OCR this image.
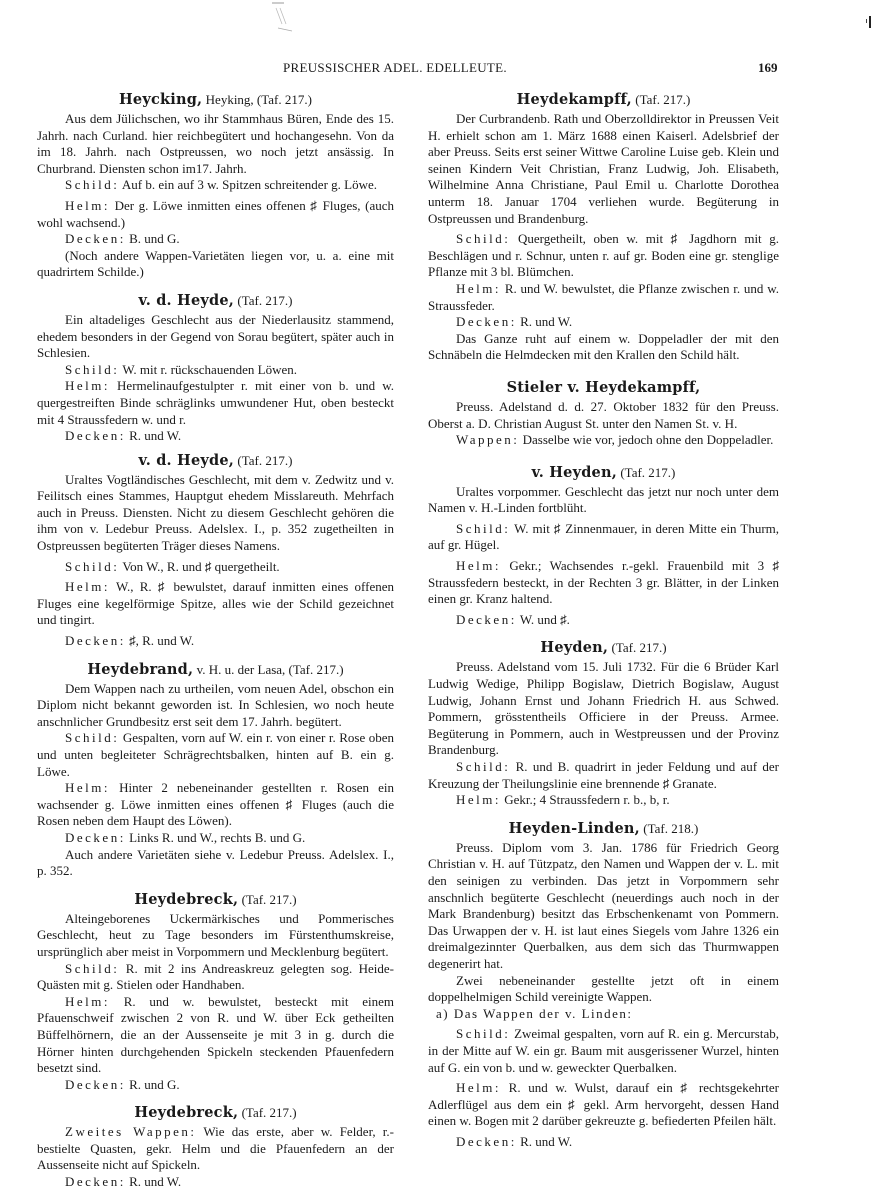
PREUSSISCHER ADEL. EDELLEUTE.	169
Heycking, Heyking, (Taf. 217.)

Aus dem Jülichschen, wo ihr Stammhaus Büren, Ende des 15. Jahrh. nach Curland. hier reichbegütert und hochangesehn. Von da im 18. Jahrh. nach Ostpreussen, wo noch jetzt ansässig. In Churbrand. Diensten schon im17. Jahrh.

Schild: Auf b. ein auf 3 w. Spitzen schreitender g. Löwe.

Helm: Der g. Löwe inmitten eines offenen ♯ Fluges, (auch wohl wachsend.)

Decken: B. und G.

(Noch andere Wappen-Varietäten liegen vor, u. a. eine mit quadrirtem Schilde.)

v. d. Heyde, (Taf. 217.)

Ein altadeliges Geschlecht aus der Niederlausitz stammend, ehedem besonders in der Gegend von Sorau begütert, später auch in Schlesien.

Schild: W. mit r. rückschauenden Löwen.

Helm: Hermelinaufgestulpter r. mit einer von b. und w. quergestreiften Binde schräglinks umwundener Hut, oben besteckt mit 4 Straussfedern w. und r.

Decken: R. und W.

v. d. Heyde, (Taf. 217.)

Uraltes Vogtländisches Geschlecht, mit dem v. Zedwitz und v. Feilitsch eines Stammes, Hauptgut ehedem Misslareuth. Mehrfach auch in Preuss. Diensten. Nicht zu diesem Geschlecht gehören die ihm von v. Ledebur Preuss. Adelslex. I., p. 352 zugetheilten in Ostpreussen begüterten Träger dieses Namens.

Schild: Von W., R. und ♯ quergetheilt.

Helm: W., R. ♯ bewulstet, darauf inmitten eines offenen Fluges eine kegelförmige Spitze, alles wie der Schild gezeichnet und tingirt.

Decken: ♯, R. und W.

Heydebrand, v. H. u. der Lasa, (Taf. 217.)

Dem Wappen nach zu urtheilen, vom neuen Adel, obschon ein Diplom nicht bekannt geworden ist. In Schlesien, wo noch heute anschnlicher Grundbesitz erst seit dem 17. Jahrh. begütert.

Schild: Gespalten, vorn auf W. ein r. von einer r. Rose oben und unten begleiteter Schrägrechtsbalken, hinten auf B. ein g. Löwe.

Helm: Hinter 2 nebeneinander gestellten r. Rosen ein wachsender g. Löwe inmitten eines offenen ♯ Fluges (auch die Rosen neben dem Haupt des Löwen).

Decken: Links R. und W., rechts B. und G.

Auch andere Varietäten siehe v. Ledebur Preuss. Adelslex. I., p. 352.

Heydebreck, (Taf. 217.)

Alteingeborenes Uckermärkisches und Pommerisches Geschlecht, heut zu Tage besonders im Fürstenthumskreise, ursprünglich aber meist in Vorpommern und Mecklenburg begütert.

Schild: R. mit 2 ins Andreaskreuz gelegten sog. Heide-Quästen mit g. Stielen oder Handhaben.

Helm: R. und w. bewulstet, besteckt mit einem Pfauenschweif zwischen 2 von R. und W. über Eck getheilten Büffelhörnern, die an der Aussenseite je mit 3 in g. durch die Hörner hinten durchgehenden Spickeln steckenden Pfauenfedern besetzt sind.

Decken: R. und G.

Heydebreck, (Taf. 217.)

Zweites Wappen: Wie das erste, aber w. Felder, r.-bestielte Quasten, gekr. Helm und die Pfauenfedern an der Aussenseite nicht auf Spickeln.

Decken: R. und W.

Heydekampff, (Taf. 217.)

Der Curbrandenb. Rath und Oberzolldirektor in Preussen Veit H. erhielt schon am 1. März 1688 einen Kaiserl. Adelsbrief der aber Preuss. Seits erst seiner Wittwe Caroline Luise geb. Klein und seinen Kindern Veit Christian, Franz Ludwig, Joh. Elisabeth, Wilhelmine Anna Christiane, Paul Emil u. Charlotte Dorothea unterm 18. Januar 1704 verliehen wurde. Begüterung in Ostpreussen und Brandenburg.

Schild: Quergetheilt, oben w. mit ♯ Jagdhorn mit g. Beschlägen und r. Schnur, unten r. auf gr. Boden eine gr. stenglige Pflanze mit 3 bl. Blümchen.

Helm: R. und W. bewulstet, die Pflanze zwischen r. und w. Straussfeder.

Decken: R. und W.

Das Ganze ruht auf einem w. Doppeladler der mit den Schnäbeln die Helmdecken mit den Krallen den Schild hält.

Stieler v. Heydekampff,

Preuss. Adelstand d. d. 27. Oktober 1832 für den Preuss. Oberst a. D. Christian August St. unter den Namen St. v. H.

Wappen: Dasselbe wie vor, jedoch ohne den Doppeladler.

v. Heyden, (Taf. 217.)

Uraltes vorpommer. Geschlecht das jetzt nur noch unter dem Namen v. H.-Linden fortblüht.

Schild: W. mit ♯ Zinnenmauer, in deren Mitte ein Thurm, auf gr. Hügel.

Helm: Gekr.; Wachsendes r.-gekl. Frauenbild mit 3 ♯ Straussfedern besteckt, in der Rechten 3 gr. Blätter, in der Linken einen gr. Kranz haltend.

Decken: W. und ♯.

Heyden, (Taf. 217.)

Preuss. Adelstand vom 15. Juli 1732. Für die 6 Brüder Karl Ludwig Wedige, Philipp Bogislaw, Dietrich Bogislaw, August Ludwig, Johann Ernst und Johann Friedrich H. aus Schwed. Pommern, grösstentheils Officiere in der Preuss. Armee. Begüterung in Pommern, auch in Westpreussen und der Provinz Brandenburg.

Schild: R. und B. quadrirt in jeder Feldung und auf der Kreuzung der Theilungslinie eine brennende ♯ Granate.

Helm: Gekr.; 4 Straussfedern r. b., b, r.

Heyden-Linden, (Taf. 218.)

Preuss. Diplom vom 3. Jan. 1786 für Friedrich Georg Christian v. H. auf Tützpatz, den Namen und Wappen der v. L. mit den seinigen zu verbinden. Das jetzt in Vorpommern sehr anschnlich begüterte Geschlecht (neuerdings auch noch in der Mark Brandenburg) besitzt das Erbschenkenamt von Pommern. Das Urwappen der v. H. ist laut eines Siegels vom Jahre 1326 ein dreimalgezinnter Querbalken, aus dem sich das Thurmwappen degenerirt hat.

Zwei nebeneinander gestellte jetzt oft in einem doppelhelmigen Schild vereinigte Wappen.

a) Das Wappen der v. Linden:

Schild: Zweimal gespalten, vorn auf R. ein g. Mercurstab, in der Mitte auf W. ein gr. Baum mit ausgerissener Wurzel, hinten auf G. ein von b. und w. geweckter Querbalken.

Helm: R. und w. Wulst, darauf ein ♯ rechtsgekehrter Adlerflügel aus dem ein ♯ gekl. Arm hervorgeht, dessen Hand einen w. Bogen mit 2 darüber gekreuzte g. befiederten Pfeilen hält.

Decken: R. und W.
